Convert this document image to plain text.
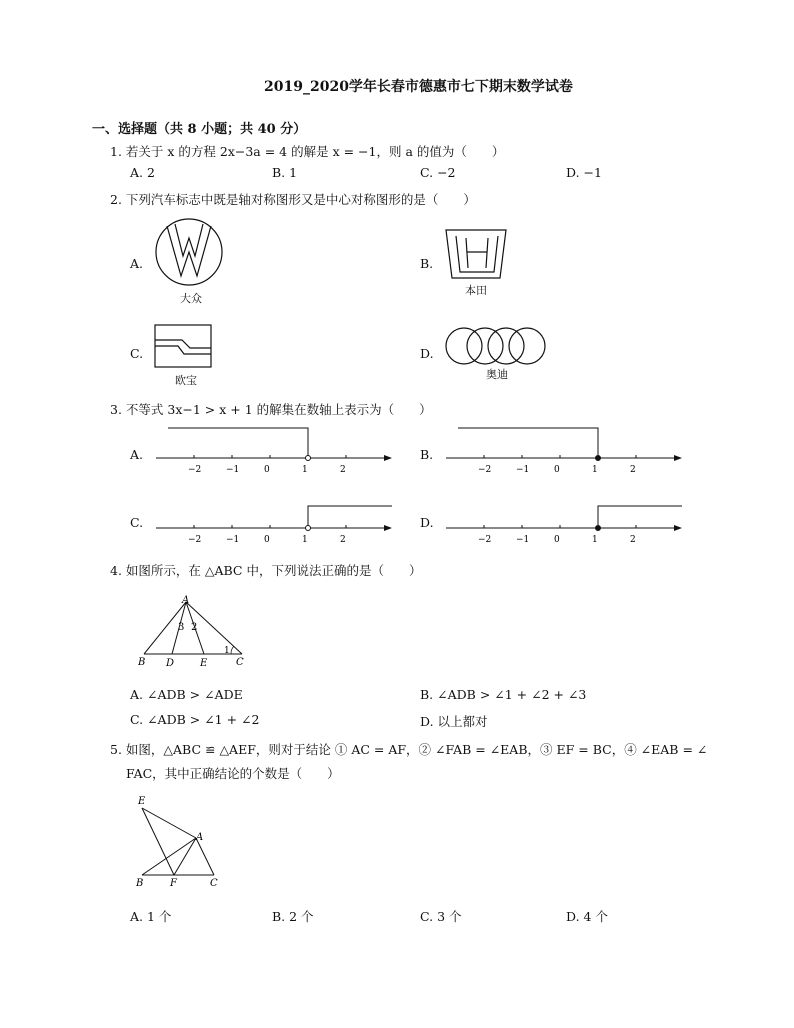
2019_2020学年长春市德惠市七下期末数学试卷
一、选择题（共 8 小题；共 40 分）
1. 若关于 x 的方程 2x−3a = 4 的解是 x = −1，则 a 的值为（　　）
A. 2	B. 1	C. −2	D. −1
2. 下列汽车标志中既是轴对称图形又是中心对称图形的是（　　）
A.
大众
B.
本田
C.
欧宝
D.
奥迪
3. 不等式 3x−1 > x + 1 的解集在数轴上表示为（　　）
A.
−2	−1	0	1	2
B.
−2	−1	0	1	2
C.
−2	−1	0	1	2
D.
−2	−1	0	1	2
4. 如图所示，在 △ABC 中，下列说法正确的是（　　）
A
B	C
D	E
3 2
1
A. ∠ADB > ∠ADE	B. ∠ADB > ∠1 + ∠2 + ∠3
C. ∠ADB > ∠1 + ∠2	D. 以上都对
5. 如图，△ABC ≌ △AEF，则对于结论 ① AC = AF，② ∠FAB = ∠EAB，③ EF = BC，④ ∠EAB = ∠
FAC，其中正确结论的个数是（　　）
E
A
B	F	C
A. 1 个	B. 2 个	C. 3 个	D. 4 个
